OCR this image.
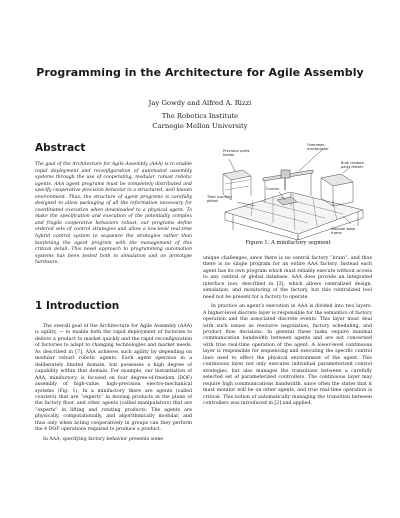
Programming in the Architecture for Agile Assembly
Jay Gowdy and Alfred A. Rizzi
The Robotics Institute
Carnegie Mellon University
Abstract
The goal of the Architecture for Agile Assembly (AAA) is to enable rapid deployment and reconfiguration of automated assembly systems through the use of cooperating, modular, robust robotic agents. AAA agent programs must be completely distributed and specify cooperative precision behavior in a structured, well known environment. Thus, the structure of agent programs is carefully designed to allow packaging of all the information necessary for coordinated execution when downloaded to a physical agent. To make the specification and execution of the potentially complex and fragile cooperative behaviors robust, our programs define ordered sets of control strategies and allow a low-level real-time hybrid control system to sequence the strategies rather than burdening the agent program with the management of this critical detail. This novel approach to programming automation systems has been tested both in simulation and on prototype hardware.
1 Introduction

The overall goal of the Architecture for Agile Assembly (AAA) is agility, — to enable both the rapid deployment of factories to deliver a product to market quickly and the rapid reconfiguration of factories to adapt to changing technologies and market needs. As described in [7], AAA achieves such agility by depending on modular robust robotic agents. Each agent operates in a deliberately limited domain, but possesses a high degree of capability within that domain. For example, our instantiation of AAA, minifactory, is focused on four degree-of-freedom (DOF) assembly of high-value, high-precision electro-mechanical systems (Fig. 1). In a minifactory there are agents (called couriers) that are “experts” in moving products in the plane of the factory floor, and other agents (called manipulators) that are “experts” in lifting and rotating products. The agents are physically, computationally, and algorithmically modular, and thus only when acting cooperatively in groups can they perform the 4 DOF operations required to produce a product.

In AAA, specifying factory behavior presents some

Precision parts feeder
Overhead manipulator
Bulk random parts feeder
Courier
Tiled (courier) platen
Modular base frame
Figure 1: A minifactory segment

unique challenges, since there is no central factory “brain”, and thus there is no single program for an entire AAA factory. Instead each agent has its own program which must reliably execute without access to any central or global database. AAA does provide an integrated interface tool, described in [3], which allows centralized design, simulation, and monitoring of the factory, but this centralized tool need not be present for a factory to operate.

In practice an agent’s execution in AAA is divided into two layers. A higher-level discrete layer is responsible for the semantics of factory operation and the associated discrete events. This layer must deal with such issues as resource negotiation, factory scheduling, and product flow decisions. In general these tasks require minimal communication bandwidth between agents and are not concerned with true real-time operation of the agent. A lower-level continuous layer is responsible for sequencing and executing the specific control laws used to effect the physical environment of the agent. This continuous layer not only executes individual parameterized control strategies, but also manages the transitions between a carefully selected set of parameterized controllers. The continuous layer may require high communications bandwidth, since often the states that it must monitor will be on other agents, and true real-time operation is critical. This notion of automatically managing the transition between controllers was introduced in [2] and applied,
